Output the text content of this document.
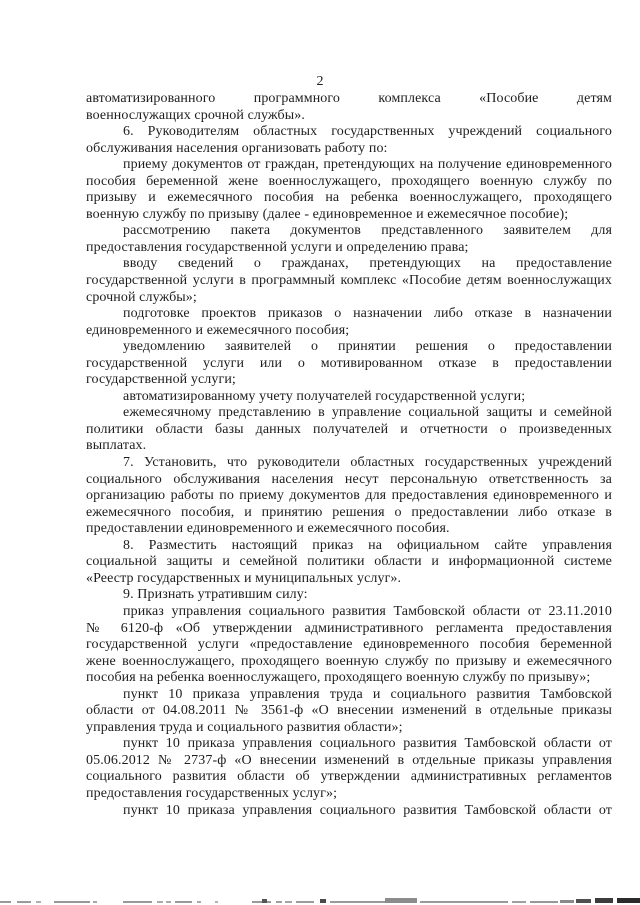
2

автоматизированного программного комплекса «Пособие детям
военнослужащих срочной службы».

6. Руководителям областных государственных учреждений социального
обслуживания населения организовать работу по:

приему документов от граждан, претендующих на получение единовременного
пособия беременной жене военнослужащего, проходящего военную службу по
призыву и ежемесячного пособия на ребенка военнослужащего, проходящего
военную службу по призыву (далее - единовременное и ежемесячное пособие);

рассмотрению пакета документов представленного заявителем для
предоставления государственной услуги и определению права;

вводу сведений о гражданах, претендующих на предоставление
государственной услуги в программный комплекс «Пособие детям военнослужащих
срочной службы»;

подготовке проектов приказов о назначении либо отказе в назначении
единовременного и ежемесячного пособия;

уведомлению заявителей о принятии решения о предоставлении
государственной услуги или о мотивированном отказе в предоставлении
государственной услуги;

автоматизированному учету получателей государственной услуги;

ежемесячному представлению в управление социальной защиты и семейной
политики области базы данных получателей и отчетности о произведенных
выплатах.

7. Установить, что руководители областных государственных учреждений
социального обслуживания населения несут персональную ответственность за
организацию работы по приему документов для предоставления единовременного и
ежемесячного пособия, и принятию решения о предоставлении либо отказе в
предоставлении единовременного и ежемесячного пособия.

8. Разместить настоящий приказ на официальном сайте управления
социальной защиты и семейной политики области и информационной системе
«Реестр государственных и муниципальных услуг».

9. Признать утратившим силу:

приказ управления социального развития Тамбовской области от 23.11.2010
№ 6120-ф «Об утверждении административного регламента предоставления
государственной услуги «предоставление единовременного пособия беременной
жене военнослужащего, проходящего военную службу по призыву и ежемесячного
пособия на ребенка военнослужащего, проходящего военную службу по призыву»;

пункт 10 приказа управления труда и социального развития Тамбовской
области от 04.08.2011 № 3561-ф «О внесении изменений в отдельные приказы
управления труда и социального развития области»;

пункт 10 приказа управления социального развития Тамбовской области от
05.06.2012 № 2737-ф «О внесении изменений в отдельные приказы управления
социального развития области об утверждении административных регламентов
предоставления государственных услуг»;

пункт 10 приказа управления социального развития Тамбовской области от
